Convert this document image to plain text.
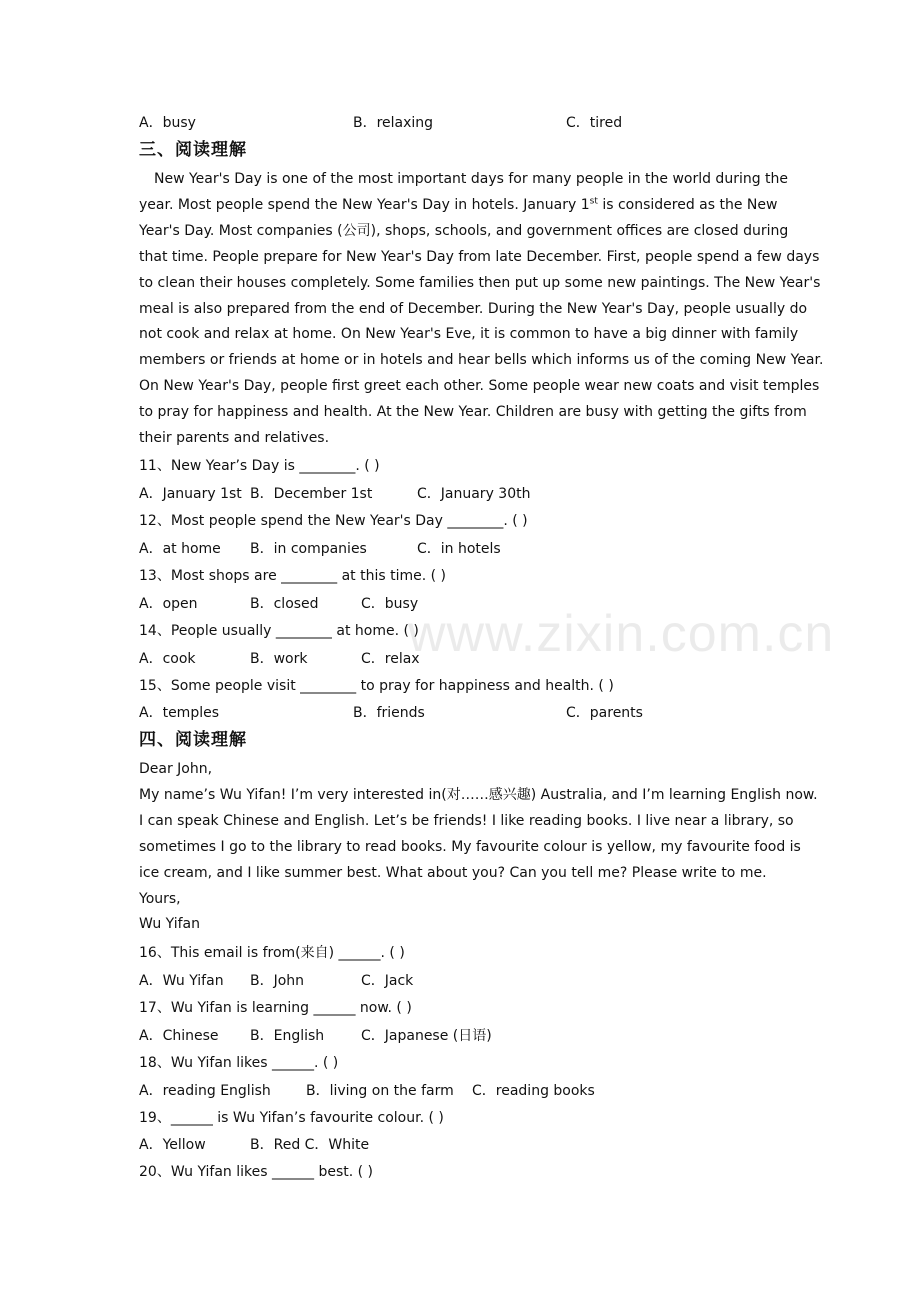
A．busy	B．relaxing	C．tired
三、阅读理解
New Year's Day is one of the most important days for many people in the world during the
year. Most people spend the New Year's Day in hotels. January 1st is considered as the New
Year's Day. Most companies (公司), shops, schools, and government offices are closed during
that time. People prepare for New Year's Day from late December. First, people spend a few days
to clean their houses completely. Some families then put up some new paintings. The New Year's
meal is also prepared from the end of December. During the New Year's Day, people usually do
not cook and relax at home. On New Year's Eve, it is common to have a big dinner with family
members or friends at home or in hotels and hear bells which informs us of the coming New Year.
On New Year's Day, people first greet each other. Some people wear new coats and visit temples
to pray for happiness and health. At the New Year. Children are busy with getting the gifts from
their parents and relatives.
11、New Year’s Day is ________. ( )
A．January 1st B．December 1st	C．January 30th
12、Most people spend the New Year's Day ________. ( )
A．at home B．in companies	C．in hotels
13、Most shops are ________ at this time. ( )
A．open	B．closed	C．busy
14、People usually ________ at home. ( )
A．cook	B．work	C．relax
15、Some people visit ________ to pray for happiness and health. ( )
A．temples	B．friends	C．parents
四、阅读理解
Dear John,
My name’s Wu Yifan! I’m very interested in(对……感兴趣) Australia, and I’m learning English now.
I can speak Chinese and English. Let’s be friends! I like reading books. I live near a library, so
sometimes I go to the library to read books. My favourite colour is yellow, my favourite food is
ice cream, and I like summer best. What about you? Can you tell me? Please write to me.
Yours,
Wu Yifan
16、This email is from(来自) ______. ( )
A．Wu Yifan B．John	C．Jack
17、Wu Yifan is learning ______ now. ( )
A．Chinese B．English	C．Japanese (日语)
18、Wu Yifan likes ______. ( )
A．reading English	B．living on the farm C．reading books
19、______ is Wu Yifan’s favourite colour. ( )
A．Yellow	B．Red C．White
20、Wu Yifan likes ______ best. ( )
www.zixin.com.cn
